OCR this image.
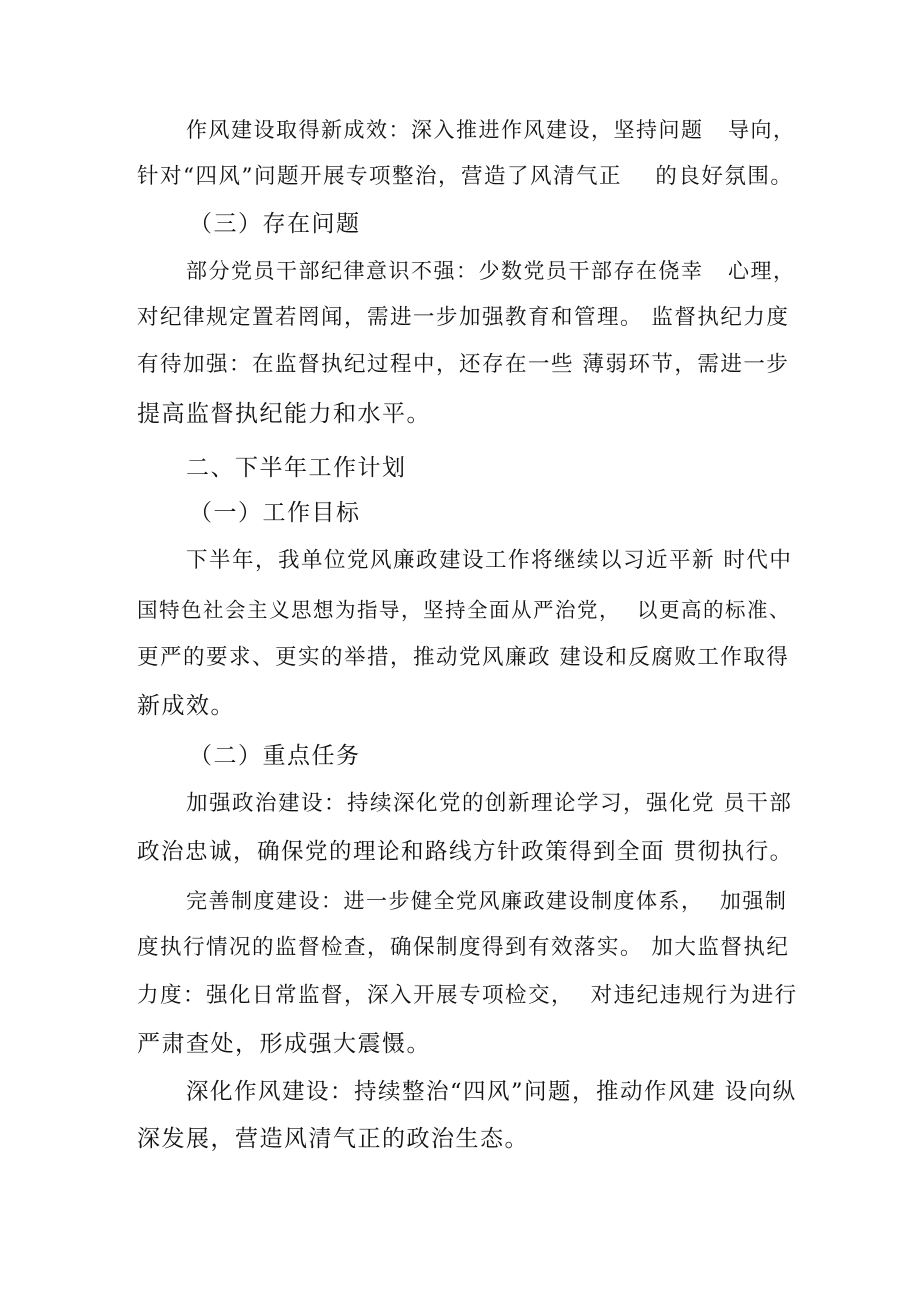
作风建设取得新成效：深入推进作风建设，坚持问题   导向，
针对“四风”问题开展专项整治，营造了风清气正    的良好氛围。
（三）存在问题
部分党员干部纪律意识不强：少数党员干部存在侥幸   心理，
对纪律规定置若罔闻，需进一步加强教育和管理。 监督执纪力度
有待加强：在监督执纪过程中，还存在一些 薄弱环节，需进一步
提高监督执纪能力和水平。
二、下半年工作计划
（一）工作目标
下半年，我单位党风廉政建设工作将继续以习近平新 时代中
国特色社会主义思想为指导，坚持全面从严治党，  以更高的标准、
更严的要求、更实的举措，推动党风廉政 建设和反腐败工作取得
新成效。
（二）重点任务
加强政治建设：持续深化党的创新理论学习，强化党 员干部
政治忠诚，确保党的理论和路线方针政策得到全面 贯彻执行。
完善制度建设：进一步健全党风廉政建设制度体系，  加强制
度执行情况的监督检查，确保制度得到有效落实。 加大监督执纪
力度：强化日常监督，深入开展专项检交，  对违纪违规行为进行
严肃查处，形成强大震慑。
深化作风建设：持续整治“四风”问题，推动作风建 设向纵
深发展，营造风清气正的政治生态。
